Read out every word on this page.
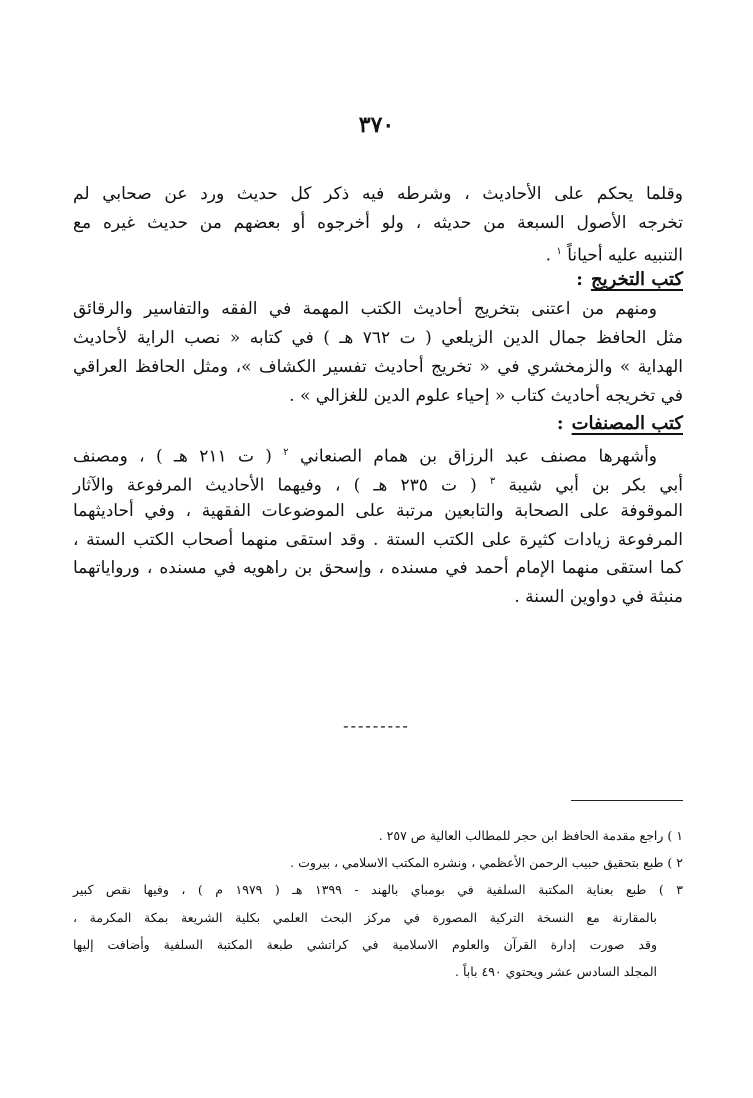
٣٧٠
وقلما يحكم على الأحاديث ، وشرطه فيه ذكر كل حديث ورد عن صحابي لم
تخرجه الأصول السبعة من حديثه ، ولو أخرجوه أو بعضهم من حديث غيره مع
التنبيه عليه أحياناً $^١$ .
كتب التخريج:
ومنهم من اعتنى بتخريج أحاديث الكتب المهمة في الفقه والتفاسير والرقائق
مثل الحافظ جمال الدين الزيلعي ( ت ٧٦٢ هـ ) في كتابه « نصب الراية لأحاديث
الهداية » والزمخشري في « تخريج أحاديث تفسير الكشاف »، ومثل الحافظ العراقي
في تخريجه أحاديث كتاب « إحياء علوم الدين للغزالي » .
كتب المصنفات:
وأشهرها مصنف عبد الرزاق بن همام الصنعاني $^٢$ ( ت ٢١١ هـ ) ، ومصنف
أبي بكر بن أبي شيبة $^٣$ ( ت ٢٣٥ هـ ) ، وفيهما الأحاديث المرفوعة والآثار
الموقوفة على الصحابة والتابعين مرتبة على الموضوعات الفقهية ، وفي أحاديثهما
المرفوعة زيادات كثيرة على الكتب الستة . وقد استقى منهما أصحاب الكتب الستة ،
كما استقى منهما الإمام أحمد في مسنده ، وإسحق بن راهويه في مسنده ، ورواياتهما
منبثة في دواوين السنة .
---------
١ ) راجع مقدمة الحافظ ابن حجر للمطالب العالية ص ٢٥٧ .
٢ ) طبع بتحقيق حبيب الرحمن الأعظمي ، ونشره المكتب الاسلامي ، بيروت .
٣ ) طبع بعناية المكتبة السلفية في بومباي بالهند - ١٣٩٩ هـ ( ١٩٧٩ م ) ، وفيها نقص كبير
بالمقارنة مع النسخة التركية المصورة في مركز البحث العلمي بكلية الشريعة بمكة المكرمة ،
وقد صورت إدارة القرآن والعلوم الاسلامية في كراتشي طبعة المكتبة السلفية وأضافت إليها
المجلد السادس عشر ويحتوي ٤٩٠ باباً .
